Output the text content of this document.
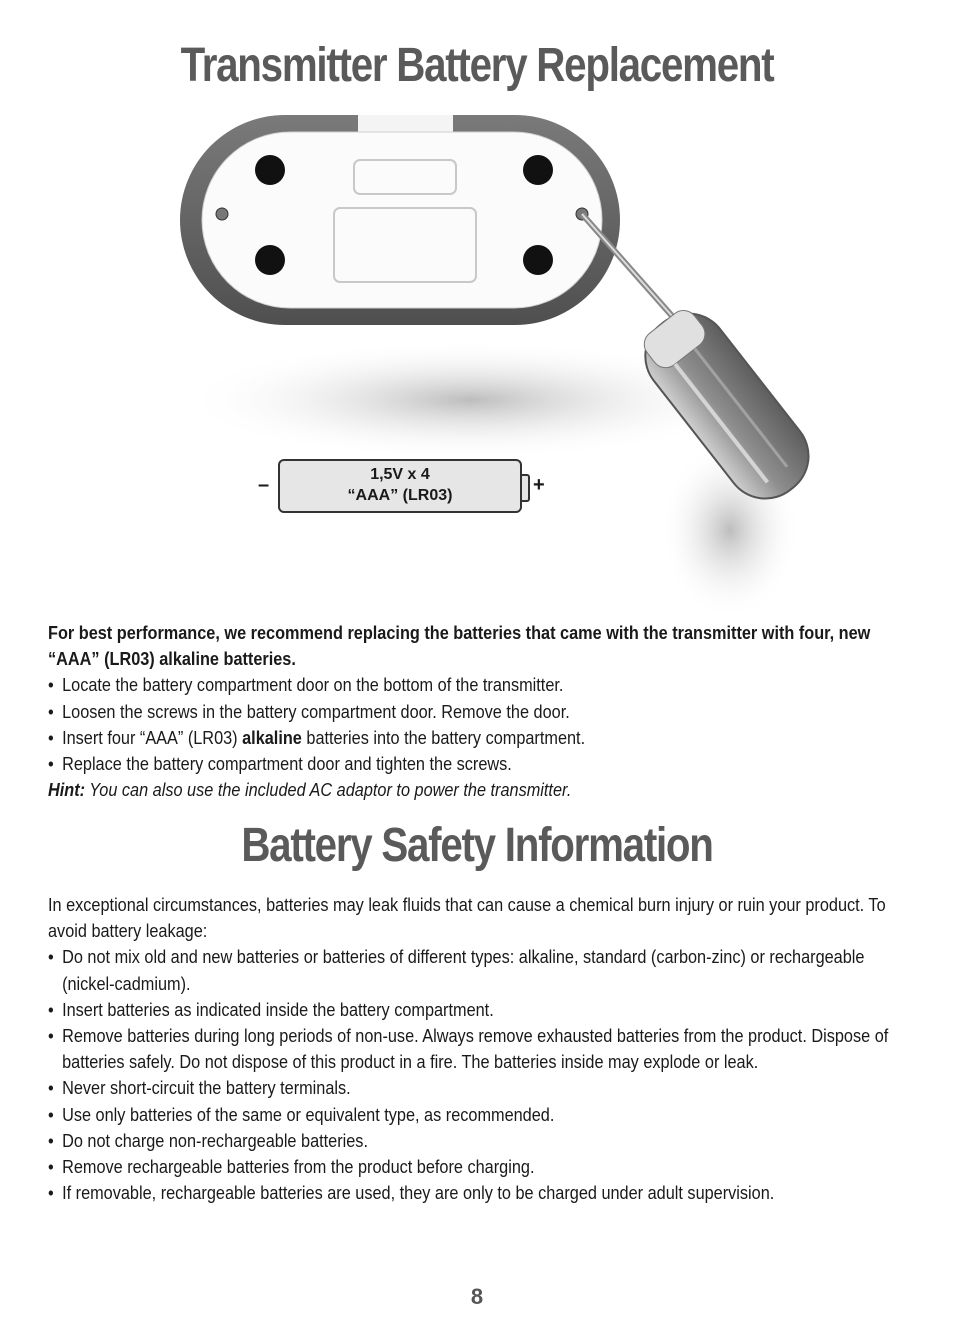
Transmitter Battery Replacement
1,5V x 4
“AAA” (LR03)
–	+

For best performance, we recommend replacing the batteries that came with the transmitter with four, new “AAA” (LR03) alkaline batteries.

• Locate the battery compartment door on the bottom of the transmitter.
• Loosen the screws in the battery compartment door. Remove the door.
• Insert four “AAA” (LR03) alkaline batteries into the battery compartment.
• Replace the battery compartment door and tighten the screws.

Hint: You can also use the included AC adaptor to power the transmitter.

Battery Safety Information

In exceptional circumstances, batteries may leak fluids that can cause a chemical burn injury or ruin your product. To avoid battery leakage:

• Do not mix old and new batteries or batteries of different types: alkaline, standard (carbon-zinc) or rechargeable (nickel-cadmium).
• Insert batteries as indicated inside the battery compartment.
• Remove batteries during long periods of non-use. Always remove exhausted batteries from the product. Dispose of batteries safely. Do not dispose of this product in a fire. The batteries inside may explode or leak.
• Never short-circuit the battery terminals.
• Use only batteries of the same or equivalent type, as recommended.
• Do not charge non-rechargeable batteries.
• Remove rechargeable batteries from the product before charging.
• If removable, rechargeable batteries are used, they are only to be charged under adult supervision.
8
